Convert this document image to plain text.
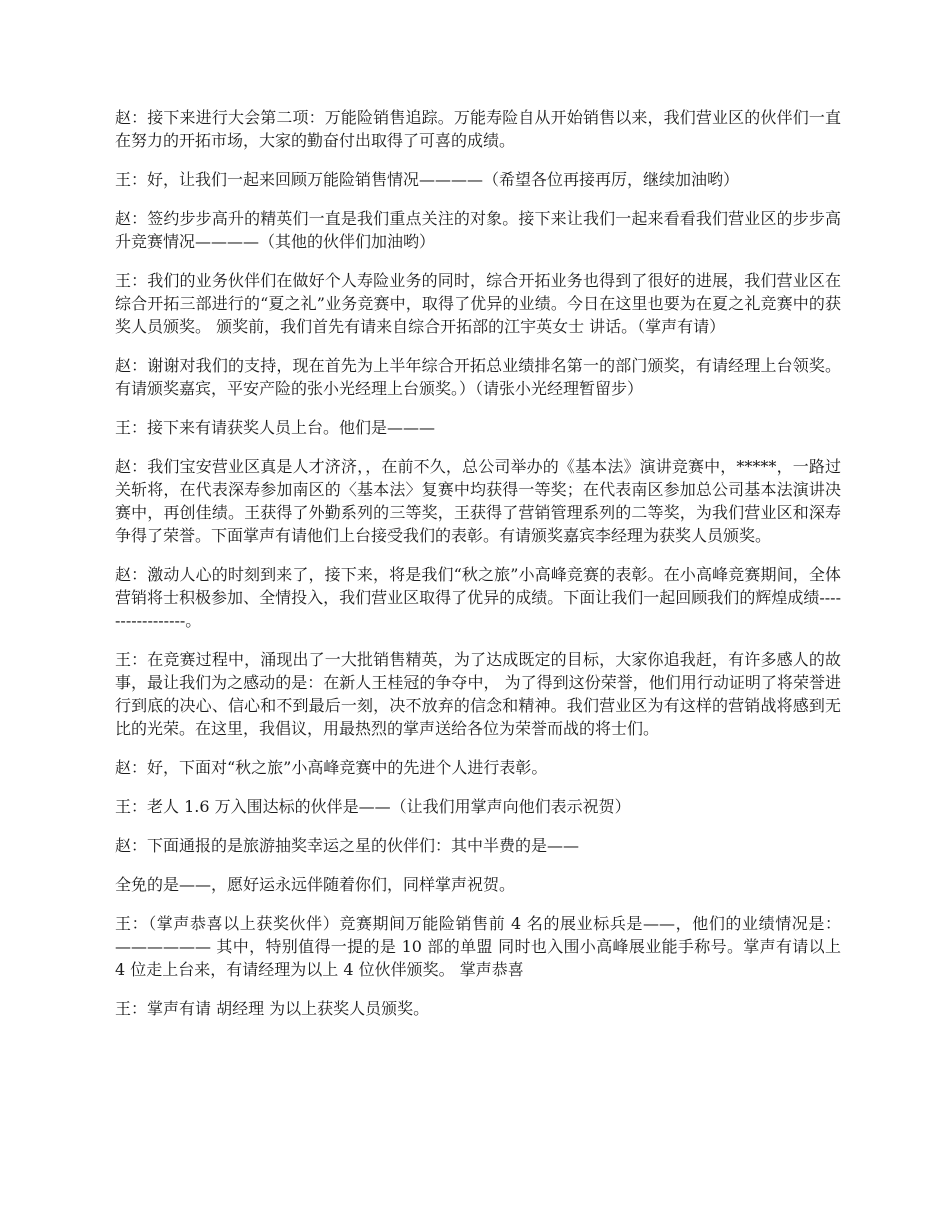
赵：接下来进行大会第二项：万能险销售追踪。万能寿险自从开始销售以来，我们营业区的伙伴们一直在努力的开拓市场，大家的勤奋付出取得了可喜的成绩。

王：好，让我们一起来回顾万能险销售情况————（希望各位再接再厉，继续加油哟）

赵：签约步步高升的精英们一直是我们重点关注的对象。接下来让我们一起来看看我们营业区的步步高升竞赛情况————（其他的伙伴们加油哟）

王：我们的业务伙伴们在做好个人寿险业务的同时，综合开拓业务也得到了很好的进展，我们营业区在综合开拓三部进行的“夏之礼”业务竞赛中，取得了优异的业绩。今日在这里也要为在夏之礼竞赛中的获奖人员颁奖。 颁奖前，我们首先有请来自综合开拓部的江宇英女士 讲话。（掌声有请）

赵：谢谢对我们的支持，现在首先为上半年综合开拓总业绩排名第一的部门颁奖，有请经理上台领奖。有请颁奖嘉宾，平安产险的张小光经理上台颁奖。）（请张小光经理暂留步）

王：接下来有请获奖人员上台。他们是———

赵：我们宝安营业区真是人才济济，，在前不久，总公司举办的《基本法》演讲竞赛中，*****，一路过关斩将，在代表深寿参加南区的〈基本法〉复赛中均获得一等奖；在代表南区参加总公司基本法演讲决赛中，再创佳绩。王获得了外勤系列的三等奖，王获得了营销管理系列的二等奖，为我们营业区和深寿争得了荣誉。下面掌声有请他们上台接受我们的表彰。有请颁奖嘉宾李经理为获奖人员颁奖。

赵：激动人心的时刻到来了，接下来，将是我们“秋之旅”小高峰竞赛的表彰。在小高峰竞赛期间，全体营销将士积极参加、全情投入，我们营业区取得了优异的成绩。下面让我们一起回顾我们的辉煌成绩-----------------。

王：在竞赛过程中，涌现出了一大批销售精英，为了达成既定的目标，大家你追我赶，有许多感人的故事，最让我们为之感动的是：在新人王桂冠的争夺中， 为了得到这份荣誉，他们用行动证明了将荣誉进行到底的决心、信心和不到最后一刻，决不放弃的信念和精神。我们营业区为有这样的营销战将感到无比的光荣。在这里，我倡议，用最热烈的掌声送给各位为荣誉而战的将士们。

赵：好，下面对“秋之旅”小高峰竞赛中的先进个人进行表彰。

王：老人 1.6 万入围达标的伙伴是——（让我们用掌声向他们表示祝贺）

赵：下面通报的是旅游抽奖幸运之星的伙伴们：其中半费的是——

全免的是——，愿好运永远伴随着你们，同样掌声祝贺。

王：（掌声恭喜以上获奖伙伴）竞赛期间万能险销售前 4 名的展业标兵是——，他们的业绩情况是：—————— 其中，特别值得一提的是 10 部的单盟 同时也入围小高峰展业能手称号。掌声有请以上 4 位走上台来，有请经理为以上 4 位伙伴颁奖。 掌声恭喜

王：掌声有请 胡经理 为以上获奖人员颁奖。
